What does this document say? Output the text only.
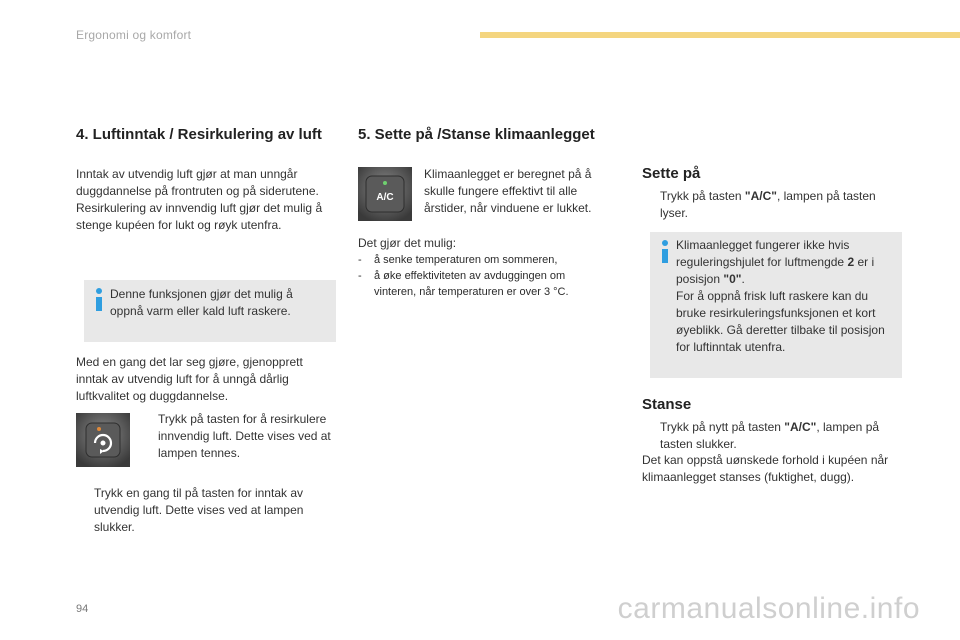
Ergonomi og komfort
4. Luftinntak / Resirkulering av luft
Inntak av utvendig luft gjør at man unngår duggdannelse på frontruten og på siderutene. Resirkulering av innvendig luft gjør det mulig å stenge kupéen for lukt og røyk utenfra.
Denne funksjonen gjør det mulig å oppnå varm eller kald luft raskere.
Med en gang det lar seg gjøre, gjenopprett inntak av utvendig luft for å unngå dårlig luftkvalitet og duggdannelse.
Trykk på tasten for å resirkulere innvendig luft. Dette vises ved at lampen tennes.
Trykk en gang til på tasten for inntak av utvendig luft. Dette vises ved at lampen slukker.
5. Sette på /Stanse klimaanlegget
A/C
Klimaanlegget er beregnet på å skulle fungere effektivt til alle årstider, når vinduene er lukket.
Det gjør det mulig:
-	å senke temperaturen om sommeren,
-	å øke effektiviteten av avduggingen om vinteren, når temperaturen er over 3 °C.
Sette på
Trykk på tasten "A/C", lampen på tasten lyser.
Klimaanlegget fungerer ikke hvis reguleringshjulet for luftmengde 2 er i posisjon "0".
For å oppnå frisk luft raskere kan du bruke resirkuleringsfunksjonen et kort øyeblikk. Gå deretter tilbake til posisjon for luftinntak utenfra.
Stanse
Trykk på nytt på tasten "A/C", lampen på tasten slukker.
Det kan oppstå uønskede forhold i kupéen når klimaanlegget stanses (fuktighet, dugg).
94	carmanualsonline.info
